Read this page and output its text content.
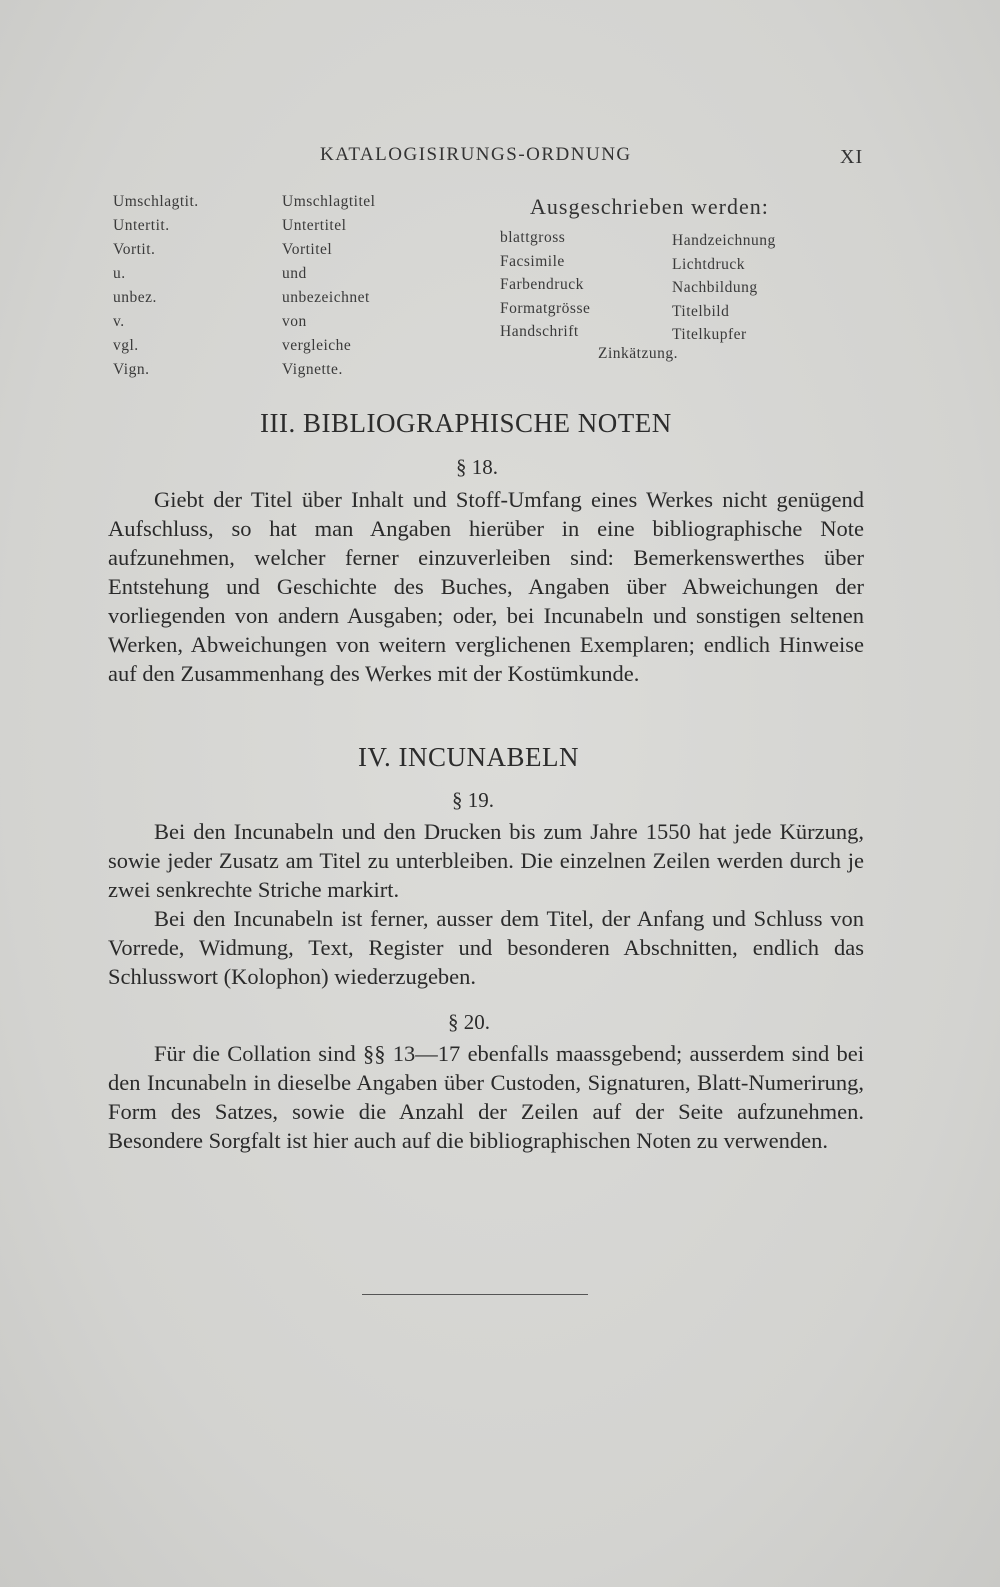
KATALOGISIRUNGS-ORDNUNG	XI
Umschlagtit.
Untertit.
Vortit.
u.
unbez.
v.
vgl.
Vign.
Umschlagtitel
Untertitel
Vortitel
und
unbezeichnet
von
vergleiche
Vignette.
Ausgeschrieben werden:
blattgross
Facsimile
Farbendruck
Formatgrösse
Handschrift
Handzeichnung
Lichtdruck
Nachbildung
Titelbild
Titelkupfer
Zinkätzung.
III. BIBLIOGRAPHISCHE NOTEN
§ 18.

Giebt der Titel über Inhalt und Stoff-Umfang eines Werkes nicht genügend Aufschluss, so hat man Angaben hierüber in eine bibliographische Note aufzunehmen, welcher ferner einzuverleiben sind: Bemerkenswerthes über Entstehung und Geschichte des Buches, Angaben über Abweichungen der vorliegenden von andern Ausgaben; oder, bei Incunabeln und sonstigen seltenen Werken, Abweichungen von weitern verglichenen Exemplaren; endlich Hinweise auf den Zusammenhang des Werkes mit der Kostümkunde.

IV. INCUNABELN
§ 19.

Bei den Incunabeln und den Drucken bis zum Jahre 1550 hat jede Kürzung, sowie jeder Zusatz am Titel zu unterbleiben. Die einzelnen Zeilen werden durch je zwei senkrechte Striche markirt.

Bei den Incunabeln ist ferner, ausser dem Titel, der Anfang und Schluss von Vorrede, Widmung, Text, Register und besonderen Abschnitten, endlich das Schlusswort (Kolophon) wiederzugeben.

§ 20.

Für die Collation sind §§ 13—17 ebenfalls maassgebend; ausserdem sind bei den Incunabeln in dieselbe Angaben über Custoden, Signaturen, Blatt-Numerirung, Form des Satzes, sowie die Anzahl der Zeilen auf der Seite aufzunehmen. Besondere Sorgfalt ist hier auch auf die bibliographischen Noten zu verwenden.
